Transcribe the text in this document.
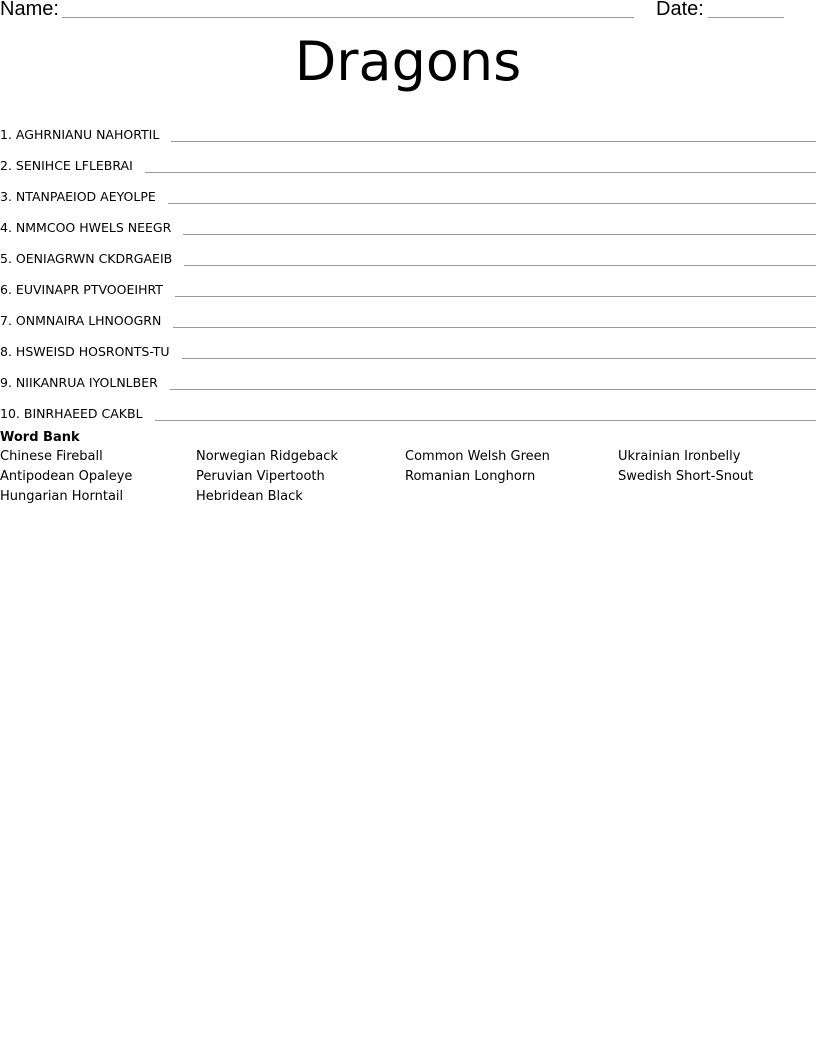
Name:	Date:
Dragons
1. AGHRNIANU NAHORTIL
2. SENIHCE LFLEBRAI
3. NTANPAEIOD AEYOLPE
4. NMMCOO HWELS NEEGR
5. OENIAGRWN CKDRGAEIB
6. EUVINAPR PTVOOEIHRT
7. ONMNAIRA LHNOOGRN
8. HSWEISD HOSRONTS-TU
9. NIIKANRUA IYOLNLBER
10. BINRHAEED CAKBL
Word Bank
Chinese Fireball	Norwegian Ridgeback	Common Welsh Green	Ukrainian Ironbelly
Antipodean Opaleye	Peruvian Vipertooth	Romanian Longhorn	Swedish Short-Snout
Hungarian Horntail	Hebridean Black
